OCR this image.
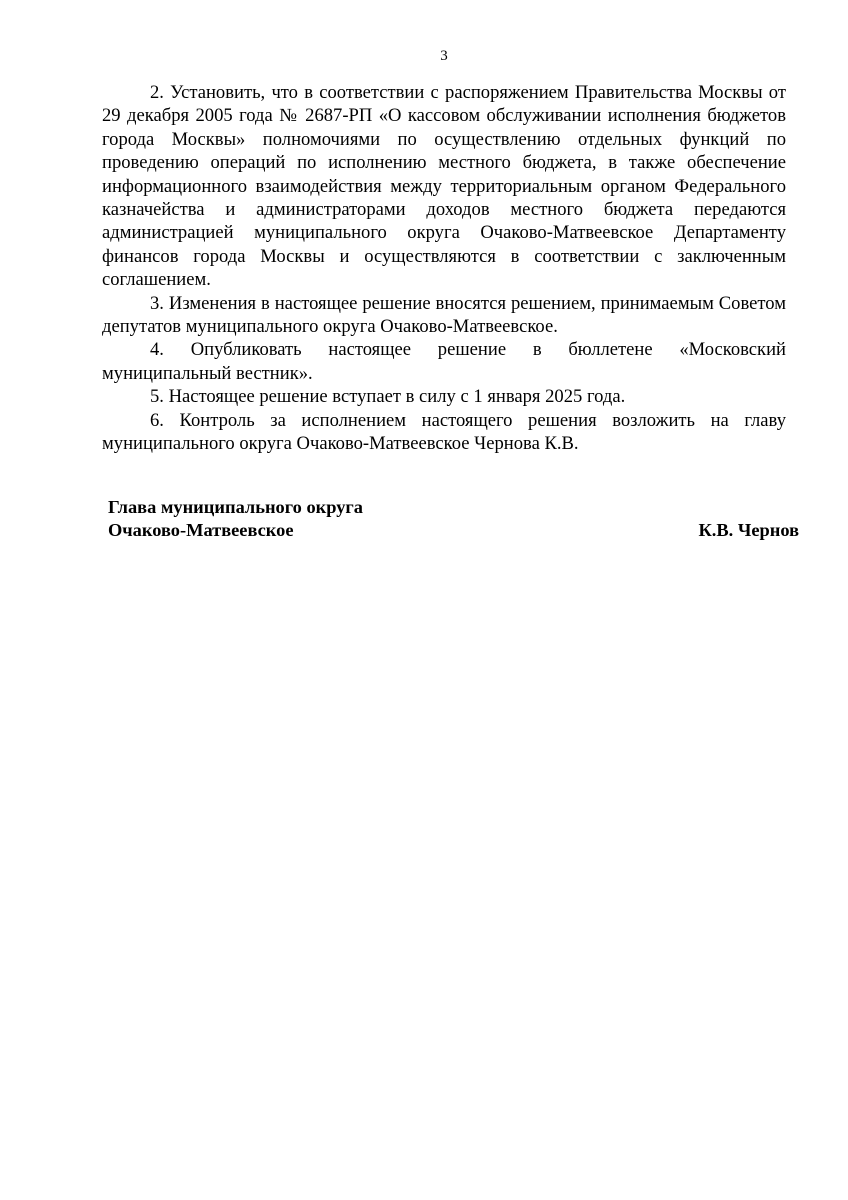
3

2. Установить, что в соответствии с распоряжением Правительства Москвы от 29 декабря 2005 года № 2687-РП «О кассовом обслуживании исполнения бюджетов города Москвы» полномочиями по осуществлению отдельных функций по проведению операций по исполнению местного бюджета, в также обеспечение информационного взаимодействия между территориальным органом Федерального казначейства и администраторами доходов местного бюджета передаются администрацией муниципального округа Очаково-Матвеевское Департаменту финансов города Москвы и осуществляются в соответствии с заключенным соглашением.

3. Изменения в настоящее решение вносятся решением, принимаемым Советом депутатов муниципального округа Очаково-Матвеевское.

4. Опубликовать настоящее решение в бюллетене «Московский муниципальный вестник».

5. Настоящее решение вступает в силу с 1 января 2025 года.

6. Контроль за исполнением настоящего решения возложить на главу муниципального округа Очаково-Матвеевское Чернова К.В.

Глава муниципального округа
Очаково-Матвеевское	К.В. Чернов
